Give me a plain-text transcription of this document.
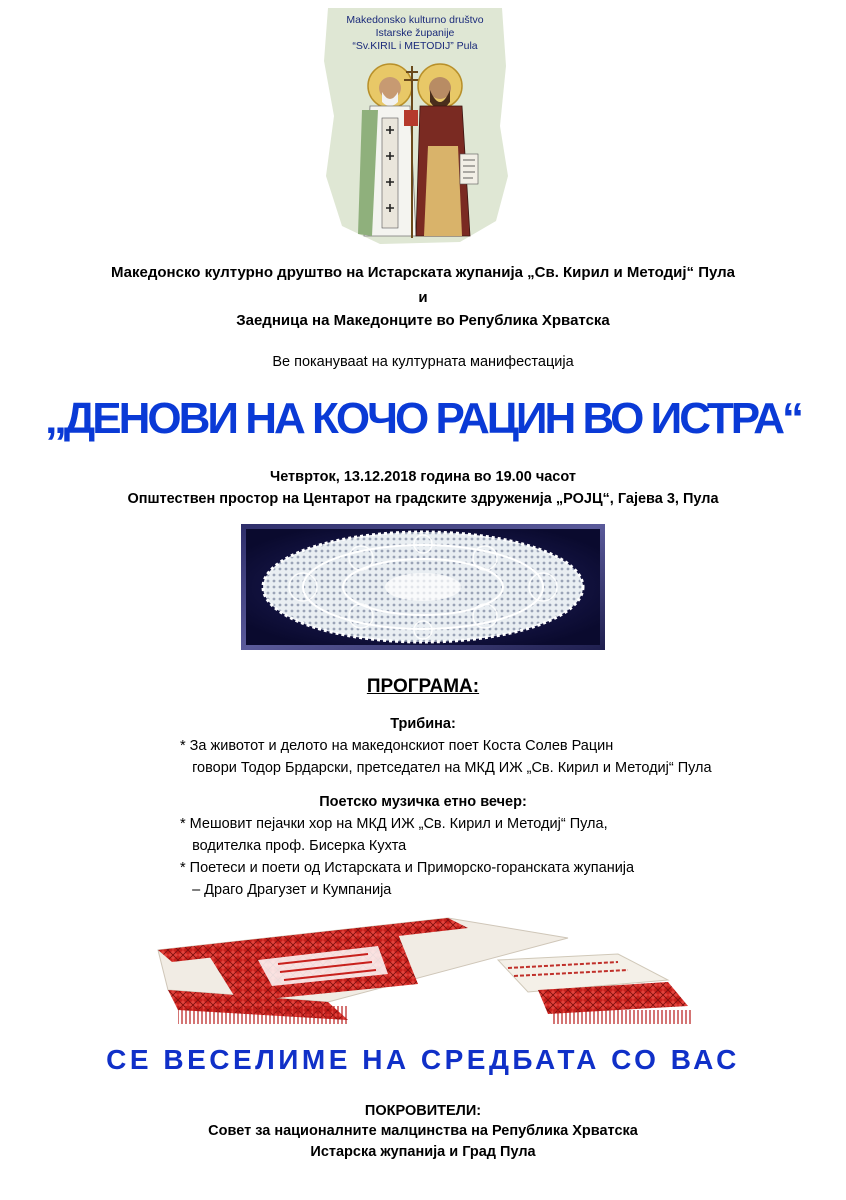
Makedonsko kulturno društvo
Istarske županije
“Sv.KIRIL i METODIJ” Pula
Македонско културно друштво на Истарската жупанија „Св. Кирил и Методиј“ Пула
и
Заедница на Македонците во Република Хрватска
Ве поканувааt на културната манифестација
„ДЕНОВИ НА КОЧО РАЦИН ВО ИСТРА“
Четврток, 13.12.2018 година во 19.00 часот
Општествен простор на Центарот на градските здруженија „РОЈЦ“, Гајева 3, Пула
ПРОГРАМА:
Трибина:
* За животот и делото на македонскиот поет Коста Солев Рацин
говори Тодор Брдарски, претседател на МКД ИЖ „Св. Кирил и Методиј“ Пула
Поетско музичка етно вечер:
* Мешовит пејачки хор на МКД ИЖ „Св. Кирил и Методиј“ Пула,
водителка проф. Бисерка Кухта
* Поетеси и поети од Истарската и Приморско-горанската жупанија
– Драго Драгузет и Кумпанија
СЕ ВЕСЕЛИМЕ НА СРЕДБАТА СО ВАС
ПОКРОВИТЕЛИ:
Совет за националните малцинства на Република Хрватска
Истарска жупанија и Град Пула
